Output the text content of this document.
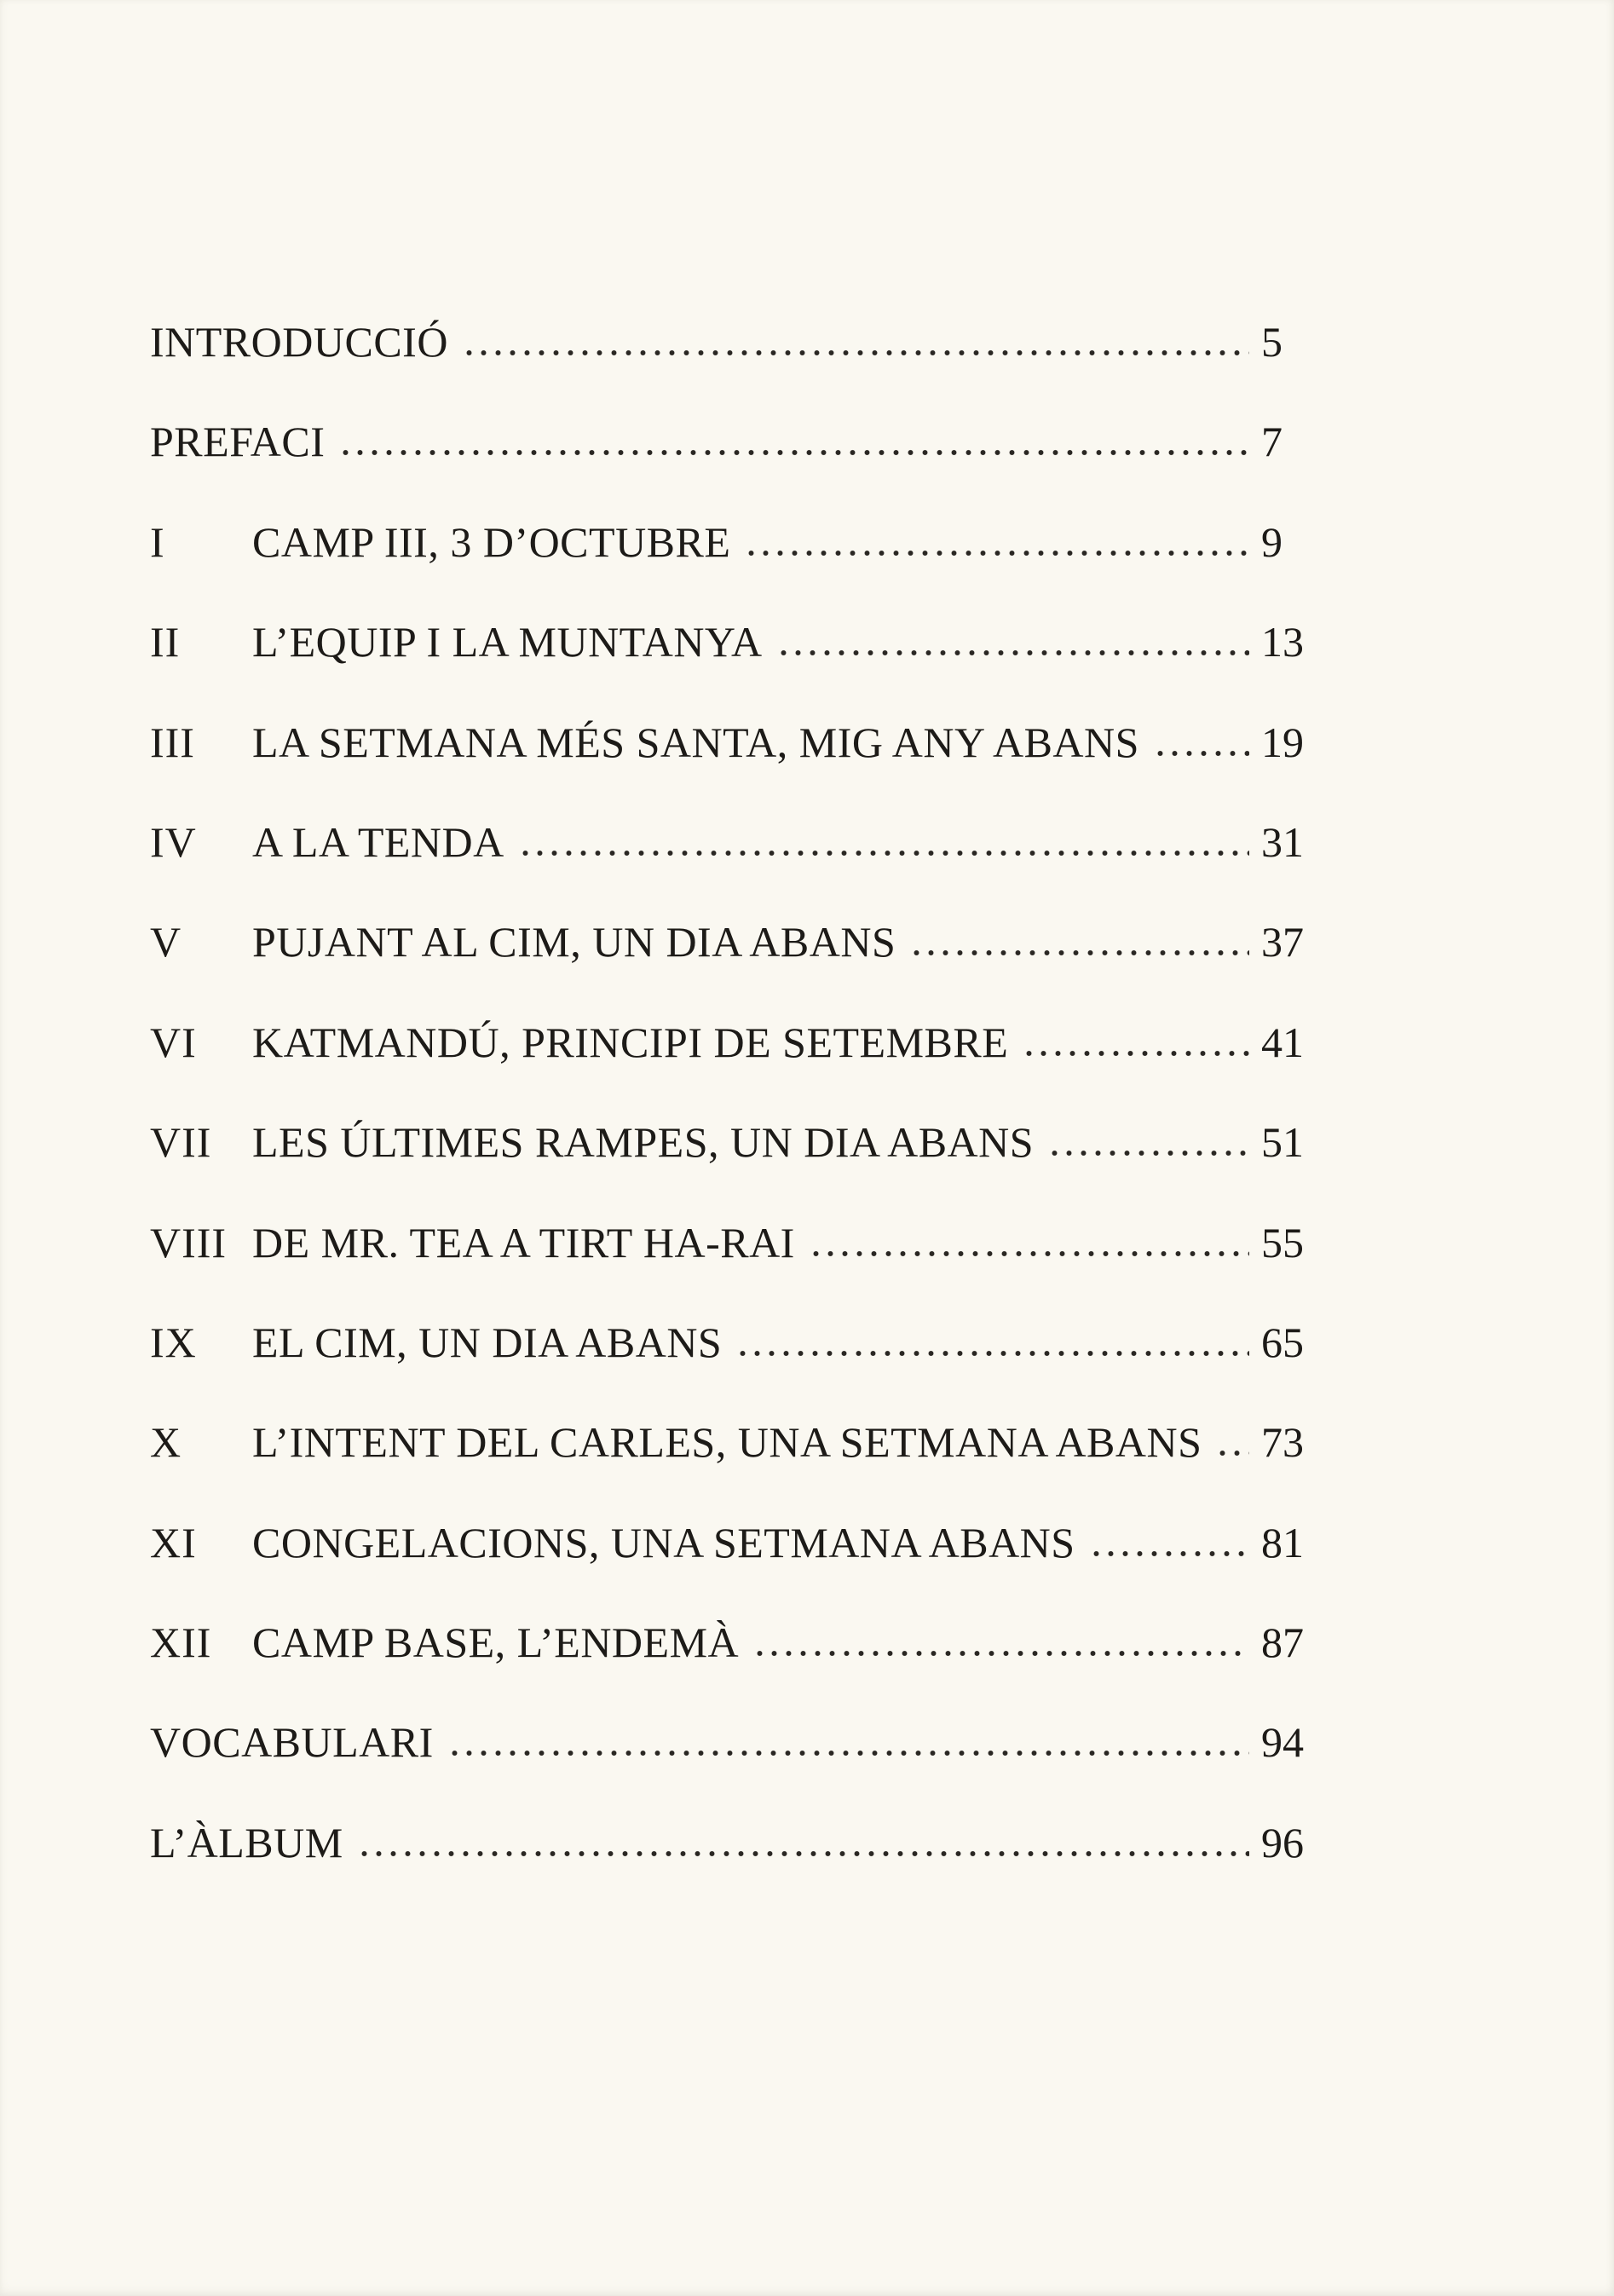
INTRODUCCIÓ	5
PREFACI	7
I	CAMP III, 3 D’OCTUBRE	9
II	L’EQUIP I LA MUNTANYA	13
III	LA SETMANA MÉS SANTA, MIG ANY ABANS	19
IV	A LA TENDA	31
V	PUJANT AL CIM, UN DIA ABANS	37
VI	KATMANDÚ, PRINCIPI DE SETEMBRE	41
VII LES ÚLTIMES RAMPES, UN DIA ABANS	51
VIII DE MR. TEA A TIRT HA-RAI	55
IX	EL CIM, UN DIA ABANS	65
X	L’INTENT DEL CARLES, UNA SETMANA ABANS 73
XI	CONGELACIONS, UNA SETMANA ABANS	81
XII CAMP BASE, L’ENDEMÀ	87
VOCABULARI	94
L’ÀLBUM	96
